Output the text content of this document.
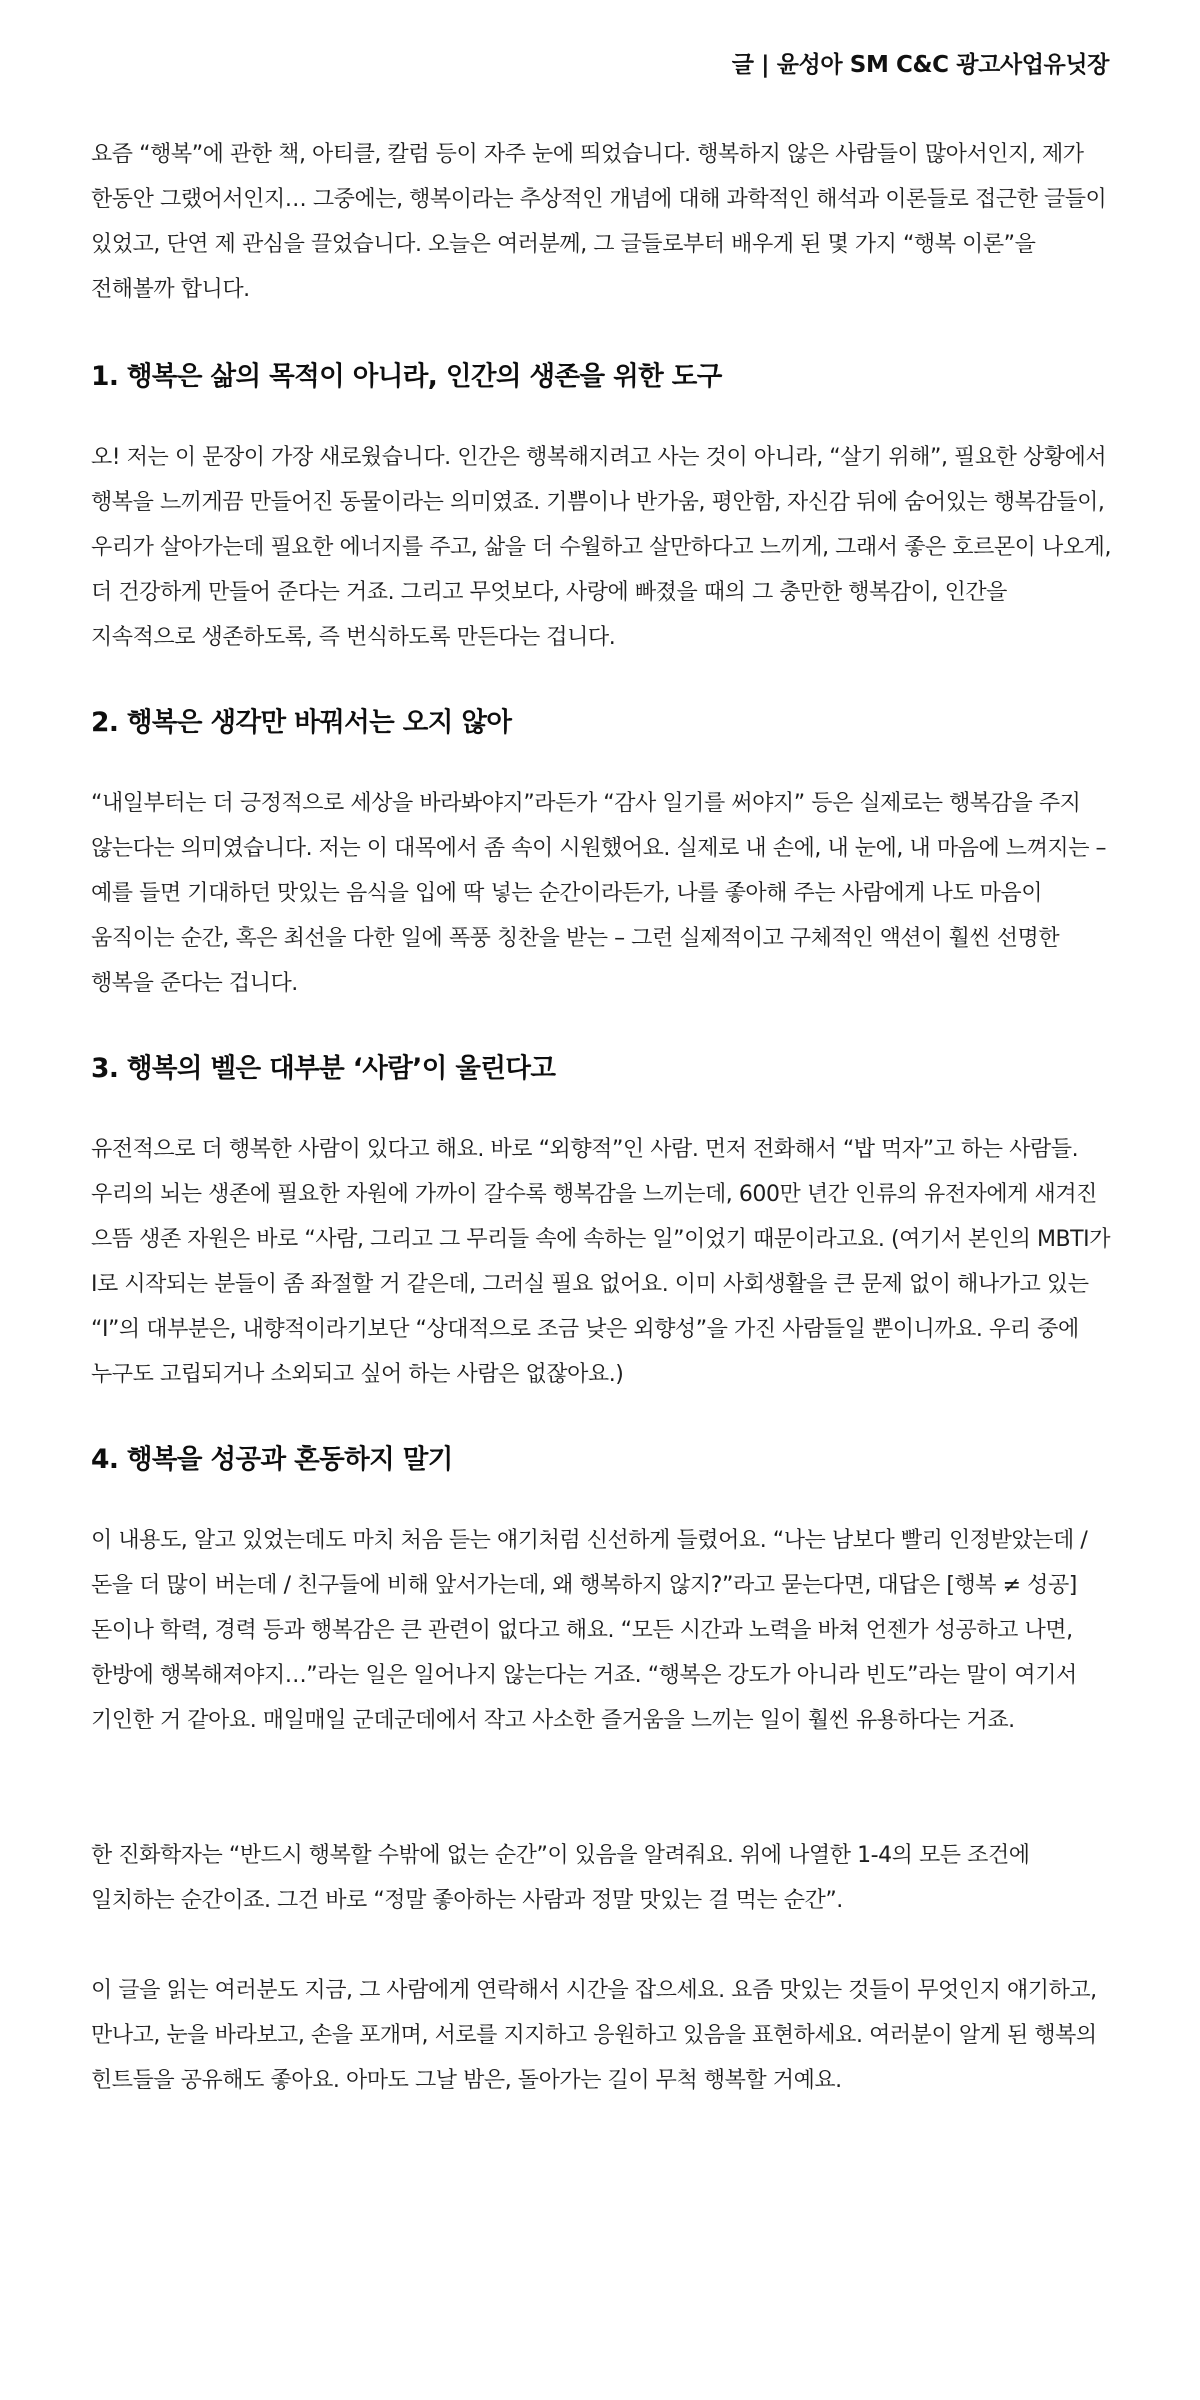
글 | 윤성아 SM C&C 광고사업유닛장

요즘 “행복”에 관한 책, 아티클, 칼럼 등이 자주 눈에 띄었습니다. 행복하지 않은 사람들이 많아서인지, 제가 한동안 그랬어서인지… 그중에는, 행복이라는 추상적인 개념에 대해 과학적인 해석과 이론들로 접근한 글들이 있었고, 단연 제 관심을 끌었습니다. 오늘은 여러분께, 그 글들로부터 배우게 된 몇 가지 “행복 이론”을 전해볼까 합니다.

1. 행복은 삶의 목적이 아니라, 인간의 생존을 위한 도구

오! 저는 이 문장이 가장 새로웠습니다. 인간은 행복해지려고 사는 것이 아니라, “살기 위해”, 필요한 상황에서 행복을 느끼게끔 만들어진 동물이라는 의미였죠. 기쁨이나 반가움, 평안함, 자신감 뒤에 숨어있는 행복감들이, 우리가 살아가는데 필요한 에너지를 주고, 삶을 더 수월하고 살만하다고 느끼게, 그래서 좋은 호르몬이 나오게, 더 건강하게 만들어 준다는 거죠. 그리고 무엇보다, 사랑에 빠졌을 때의 그 충만한 행복감이, 인간을 지속적으로 생존하도록, 즉 번식하도록 만든다는 겁니다.

2. 행복은 생각만 바꿔서는 오지 않아

“내일부터는 더 긍정적으로 세상을 바라봐야지”라든가 “감사 일기를 써야지” 등은 실제로는 행복감을 주지 않는다는 의미였습니다. 저는 이 대목에서 좀 속이 시원했어요. 실제로 내 손에, 내 눈에, 내 마음에 느껴지는 – 예를 들면 기대하던 맛있는 음식을 입에 딱 넣는 순간이라든가, 나를 좋아해 주는 사람에게 나도 마음이 움직이는 순간, 혹은 최선을 다한 일에 폭풍 칭찬을 받는 – 그런 실제적이고 구체적인 액션이 훨씬 선명한 행복을 준다는 겁니다.

3. 행복의 벨은 대부분 ‘사람’이 울린다고

유전적으로 더 행복한 사람이 있다고 해요. 바로 “외향적”인 사람. 먼저 전화해서 “밥 먹자”고 하는 사람들. 우리의 뇌는 생존에 필요한 자원에 가까이 갈수록 행복감을 느끼는데, 600만 년간 인류의 유전자에게 새겨진 으뜸 생존 자원은 바로 “사람, 그리고 그 무리들 속에 속하는 일”이었기 때문이라고요. (여기서 본인의 MBTI가 I로 시작되는 분들이 좀 좌절할 거 같은데, 그러실 필요 없어요. 이미 사회생활을 큰 문제 없이 해나가고 있는 “I”의 대부분은, 내향적이라기보단 “상대적으로 조금 낮은 외향성”을 가진 사람들일 뿐이니까요. 우리 중에 누구도 고립되거나 소외되고 싶어 하는 사람은 없잖아요.)

4. 행복을 성공과 혼동하지 말기

이 내용도, 알고 있었는데도 마치 처음 듣는 얘기처럼 신선하게 들렸어요. “나는 남보다 빨리 인정받았는데 / 돈을 더 많이 버는데 / 친구들에 비해 앞서가는데, 왜 행복하지 않지?”라고 묻는다면, 대답은 [행복 ≠ 성공]

돈이나 학력, 경력 등과 행복감은 큰 관련이 없다고 해요. “모든 시간과 노력을 바쳐 언젠가 성공하고 나면, 한방에 행복해져야지…”라는 일은 일어나지 않는다는 거죠. “행복은 강도가 아니라 빈도”라는 말이 여기서 기인한 거 같아요. 매일매일 군데군데에서 작고 사소한 즐거움을 느끼는 일이 훨씬 유용하다는 거죠.

한 진화학자는 “반드시 행복할 수밖에 없는 순간”이 있음을 알려줘요. 위에 나열한 1-4의 모든 조건에 일치하는 순간이죠. 그건 바로 “정말 좋아하는 사람과 정말 맛있는 걸 먹는 순간”.

이 글을 읽는 여러분도 지금, 그 사람에게 연락해서 시간을 잡으세요. 요즘 맛있는 것들이 무엇인지 얘기하고, 만나고, 눈을 바라보고, 손을 포개며, 서로를 지지하고 응원하고 있음을 표현하세요. 여러분이 알게 된 행복의 힌트들을 공유해도 좋아요. 아마도 그날 밤은, 돌아가는 길이 무척 행복할 거예요.
